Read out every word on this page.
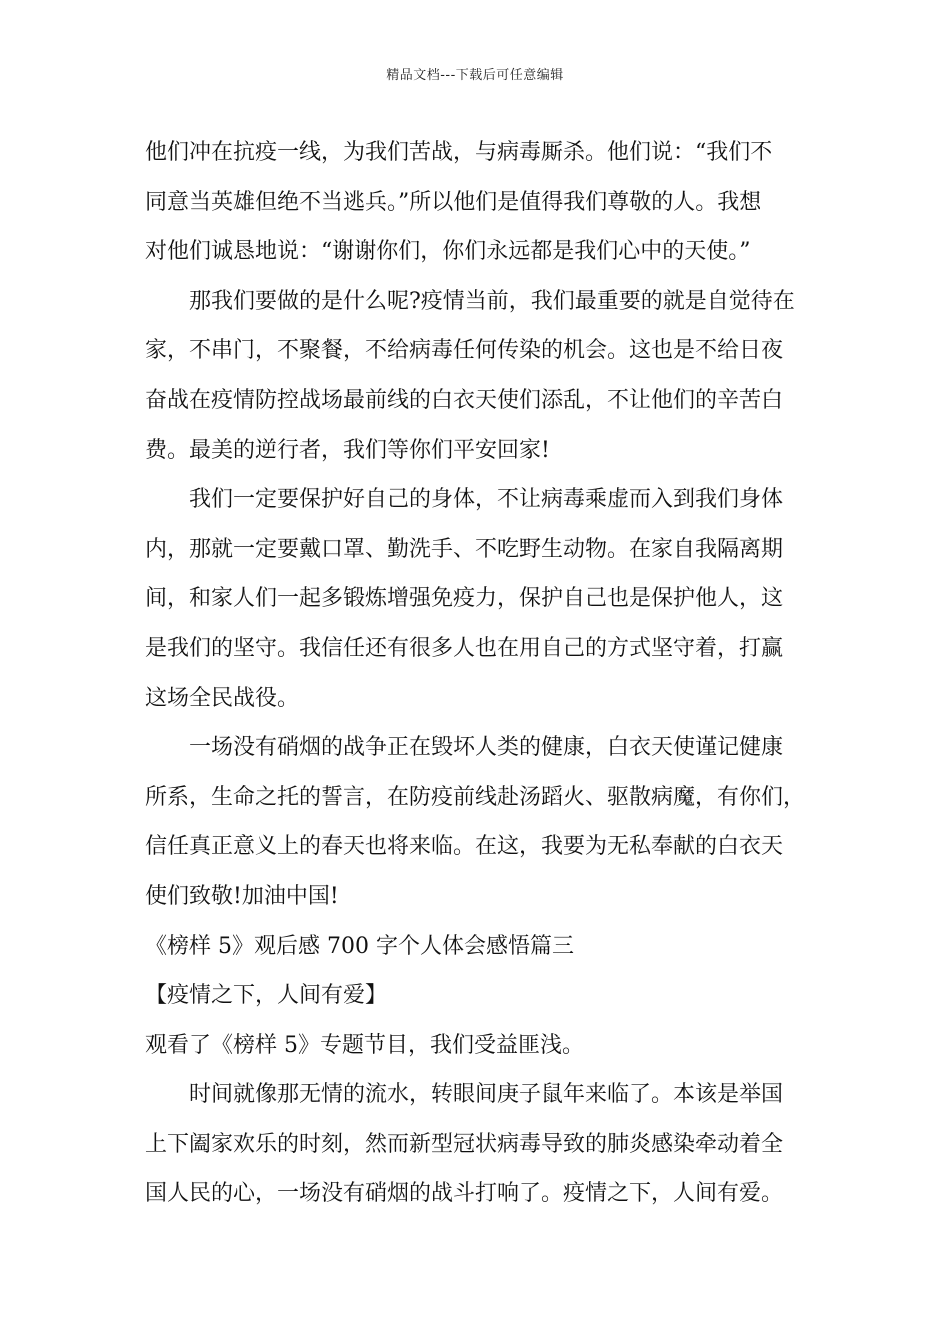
精品文档---下载后可任意编辑

他们冲在抗疫一线，为我们苦战，与病毒厮杀。他们说：“我们不
同意当英雄但绝不当逃兵。”所以他们是值得我们尊敬的人。我想
对他们诚恳地说：“谢谢你们，你们永远都是我们心中的天使。”

那我们要做的是什么呢?疫情当前，我们最重要的就是自觉待在
家，不串门，不聚餐，不给病毒任何传染的机会。这也是不给日夜
奋战在疫情防控战场最前线的白衣天使们添乱，不让他们的辛苦白
费。最美的逆行者，我们等你们平安回家!

我们一定要保护好自己的身体，不让病毒乘虚而入到我们身体
内，那就一定要戴口罩、勤洗手、不吃野生动物。在家自我隔离期
间，和家人们一起多锻炼增强免疫力，保护自己也是保护他人，这
是我们的坚守。我信任还有很多人也在用自己的方式坚守着，打赢
这场全民战役。

一场没有硝烟的战争正在毁坏人类的健康，白衣天使谨记健康
所系，生命之托的誓言，在防疫前线赴汤蹈火、驱散病魔，有你们，
信任真正意义上的春天也将来临。在这，我要为无私奉献的白衣天
使们致敬!加油中国!

《榜样 5》观后感 700 字个人体会感悟篇三

【疫情之下，人间有爱】

观看了《榜样 5》专题节目，我们受益匪浅。

时间就像那无情的流水，转眼间庚子鼠年来临了。本该是举国
上下阖家欢乐的时刻，然而新型冠状病毒导致的肺炎感染牵动着全
国人民的心，一场没有硝烟的战斗打响了。疫情之下，人间有爱。
